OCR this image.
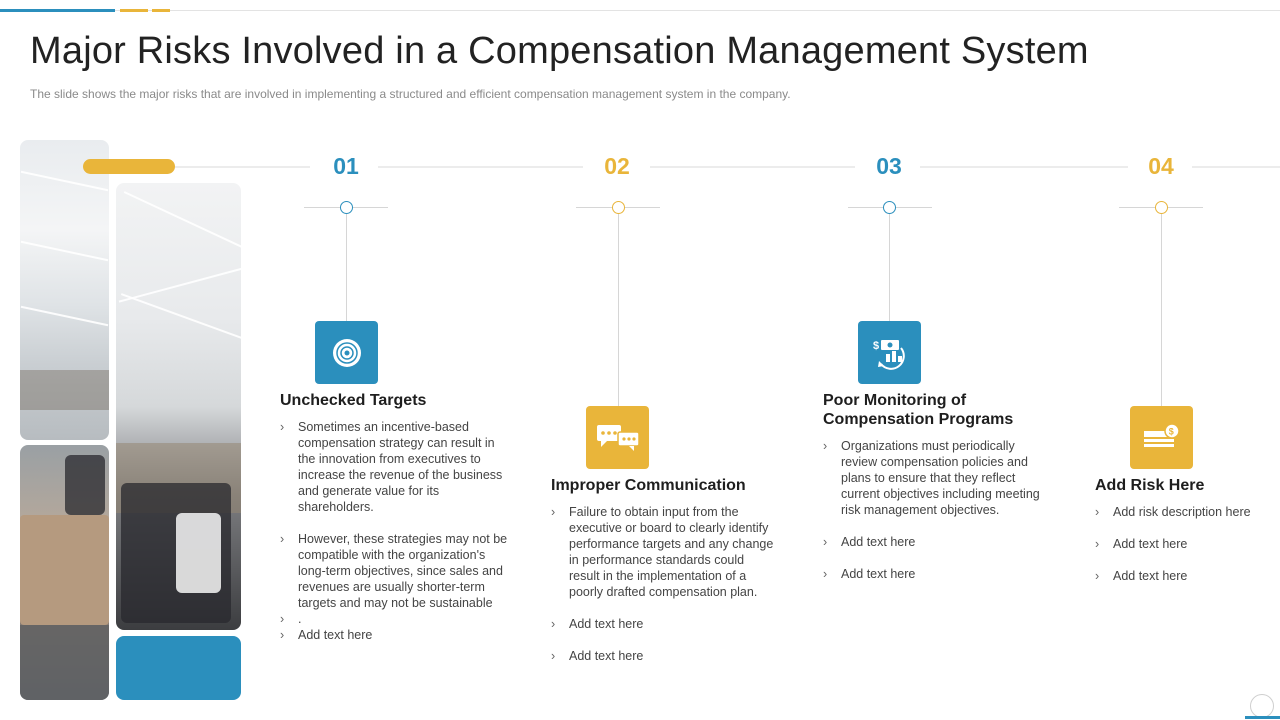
Major Risks Involved in a Compensation Management System

The slide shows the major risks that are involved in implementing a structured and efficient compensation management system in the company.

01
Unchecked Targets
› Sometimes an incentive-based compensation strategy can result in the innovation from executives to increase the revenue of the business and generate value for its shareholders.
› However, these strategies may not be compatible with the organization's long-term objectives, since sales and revenues are usually shorter-term targets and may not be sustainable
› .
› Add text here
02
Improper Communication
› Failure to obtain input from the executive or board to clearly identify performance targets and any change in performance standards could result in the implementation of a poorly drafted compensation plan.
› Add text here
› Add text here
03
$
Poor Monitoring of Compensation Programs
› Organizations must periodically review compensation policies and plans to ensure that they reflect current objectives including meeting risk management objectives.
› Add text here
› Add text here
04
$
Add Risk Here
› Add risk description here
› Add text here
› Add text here
